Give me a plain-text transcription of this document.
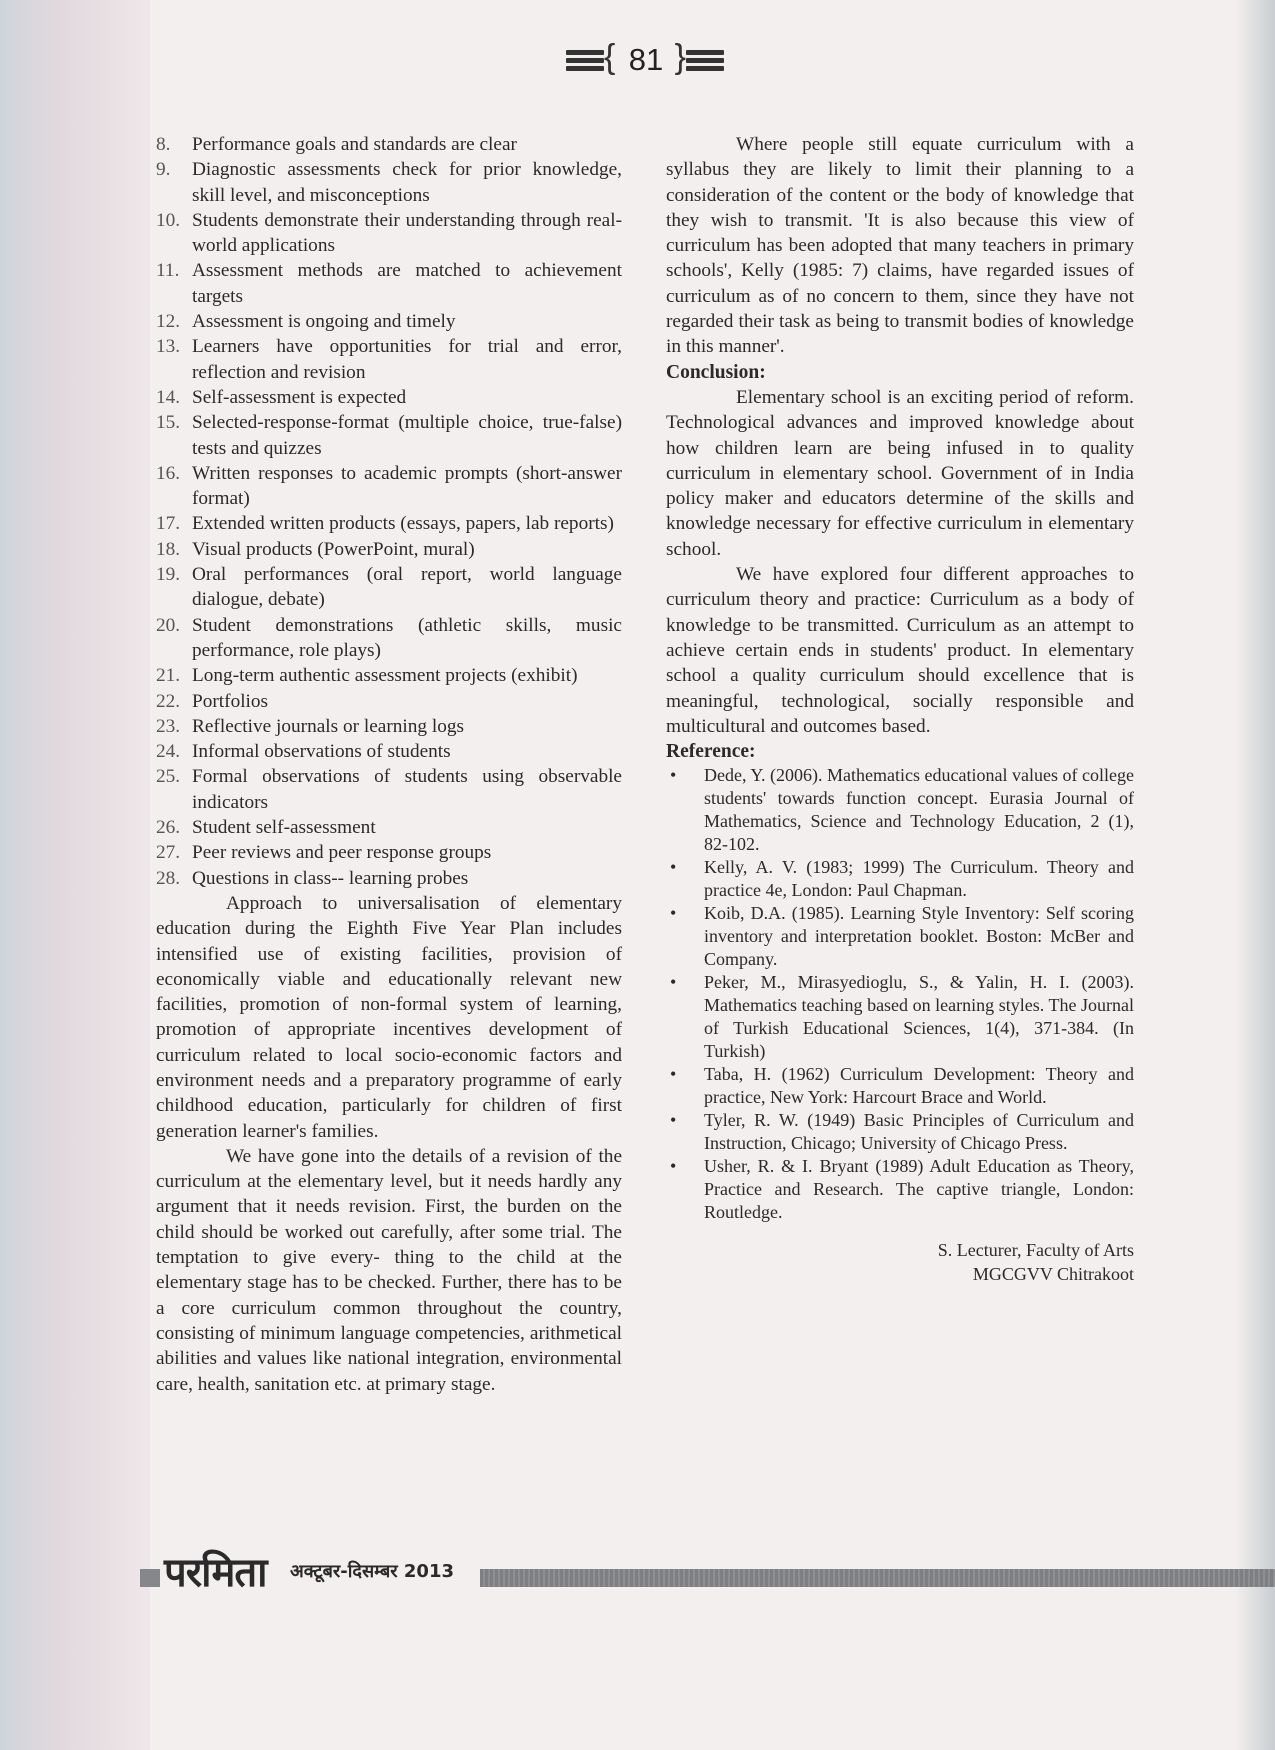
{ 81 }
8.	Performance goals and standards are clear
9.	Diagnostic assessments check for prior knowledge, skill level, and misconceptions
10. Students demonstrate their understanding through real-world applications
11. Assessment methods are matched to achievement targets
12. Assessment is ongoing and timely
13. Learners have opportunities for trial and error, reflection and revision
14. Self-assessment is expected
15. Selected-response-format (multiple choice, true-false) tests and quizzes
16. Written responses to academic prompts (short-answer format)
17. Extended written products (essays, papers, lab reports)
18. Visual products (PowerPoint, mural)
19. Oral performances (oral report, world language dialogue, debate)
20. Student demonstrations (athletic skills, music performance, role plays)
21. Long-term authentic assessment projects (exhibit)
22. Portfolios
23. Reflective journals or learning logs
24. Informal observations of students
25. Formal observations of students using observable indicators
26. Student self-assessment
27. Peer reviews and peer response groups
28. Questions in class-- learning probes

Approach to universalisation of elementary education during the Eighth Five Year Plan includes intensified use of existing facilities, provision of economically viable and educationally relevant new facilities, promotion of non-formal system of learning, promotion of appropriate incentives development of curriculum related to local socio-economic factors and environment needs and a preparatory programme of early childhood education, particularly for children of first generation learner's families.

We have gone into the details of a revision of the curriculum at the elementary level, but it needs hardly any argument that it needs revision. First, the burden on the child should be worked out carefully, after some trial. The temptation to give every- thing to the child at the elementary stage has to be checked. Further, there has to be a core curriculum common throughout the country, consisting of minimum language competencies, arithmetical abilities and values like national integration, environmental care, health, sanitation etc. at primary stage.

Where people still equate curriculum with a syllabus they are likely to limit their planning to a consideration of the content or the body of knowledge that they wish to transmit. 'It is also because this view of curriculum has been adopted that many teachers in primary schools', Kelly (1985: 7) claims, have regarded issues of curriculum as of no concern to them, since they have not regarded their task as being to transmit bodies of knowledge in this manner'.

Conclusion:

Elementary school is an exciting period of reform. Technological advances and improved knowledge about how children learn are being infused in to quality curriculum in elementary school. Government of in India policy maker and educators determine of the skills and knowledge necessary for effective curriculum in elementary school.

We have explored four different approaches to curriculum theory and practice: Curriculum as a body of knowledge to be transmitted. Curriculum as an attempt to achieve certain ends in students' product. In elementary school a quality curriculum should excellence that is meaningful, technological, socially responsible and multicultural and outcomes based.

Reference:
• Dede, Y. (2006). Mathematics educational values of college students' towards function concept. Eurasia Journal of Mathematics, Science and Technology Education, 2 (1), 82-102.
• Kelly, A. V. (1983; 1999) The Curriculum. Theory and practice 4e, London: Paul Chapman.
• Koib, D.A. (1985). Learning Style Inventory: Self scoring inventory and interpretation booklet. Boston: McBer and Company.
• Peker, M., Mirasyedioglu, S., & Yalin, H. I. (2003). Mathematics teaching based on learning styles. The Journal of Turkish Educational Sciences, 1(4), 371-384. (In Turkish)
• Taba, H. (1962) Curriculum Development: Theory and practice, New York: Harcourt Brace and World.
• Tyler, R. W. (1949) Basic Principles of Curriculum and Instruction, Chicago; University of Chicago Press.
• Usher, R. & I. Bryant (1989) Adult Education as Theory, Practice and Research. The captive triangle, London: Routledge.
S. Lecturer, Faculty of Arts
MGCGVV Chitrakoot
परमिता अक्टूबर-दिसम्बर 2013
